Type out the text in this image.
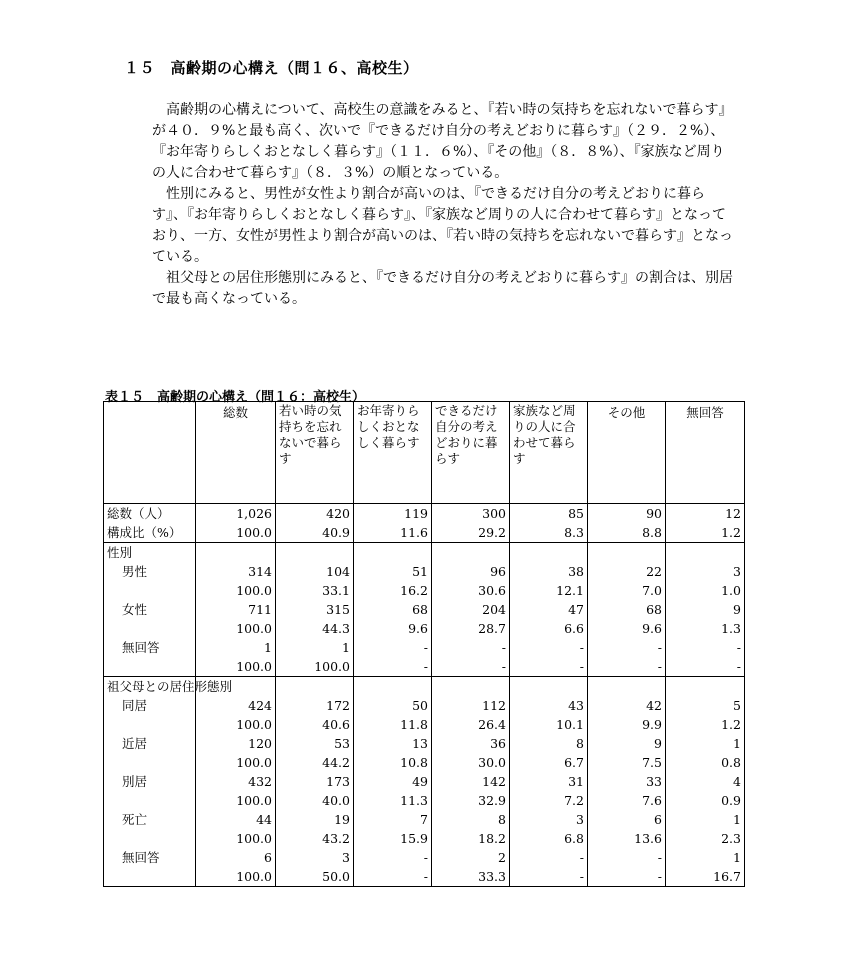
１５　高齢期の心構え（問１６、高校生）

高齢期の心構えについて、高校生の意識をみると、『若い時の気持ちを忘れないで暮らす』が４０．９%と最も高く、次いで『できるだけ自分の考えどおりに暮らす』（２９．２%）、『お年寄りらしくおとなしく暮らす』（１１．６%）、『その他』（８．８%）、『家族など周りの人に合わせて暮らす』（８．３%）の順となっている。

性別にみると、男性が女性より割合が高いのは、『できるだけ自分の考えどおりに暮らす』、『お年寄りらしくおとなしく暮らす』、『家族など周りの人に合わせて暮らす』となっており、一方、女性が男性より割合が高いのは、『若い時の気持ちを忘れないで暮らす』となっている。

祖父母との居住形態別にみると、『できるだけ自分の考えどおりに暮らす』の割合は、別居で最も高くなっている。

表１５　高齢期の心構え（問１６：高校生）
	総数	若い時の気持ちを忘れないで暮らす	お年寄りらしくおとなしく暮らす	できるだけ自分の考えどおりに暮らす	家族など周りの人に合わせて暮らす	その他	無回答
総数（人）	1,026	420	119	300	85	90	12
構成比（%）	100.0	40.9	11.6	29.2	8.3	8.8	1.2
性別							
男性	314	104	51	96	38	22	3
	100.0	33.1	16.2	30.6	12.1	7.0	1.0
女性	711	315	68	204	47	68	9
	100.0	44.3	9.6	28.7	6.6	9.6	1.3
無回答	1	1	-	-	-	-	-
	100.0	100.0	-	-	-	-	-
祖父母との居住形態別							
同居	424	172	50	112	43	42	5
	100.0	40.6	11.8	26.4	10.1	9.9	1.2
近居	120	53	13	36	8	9	1
	100.0	44.2	10.8	30.0	6.7	7.5	0.8
別居	432	173	49	142	31	33	4
	100.0	40.0	11.3	32.9	7.2	7.6	0.9
死亡	44	19	7	8	3	6	1
	100.0	43.2	15.9	18.2	6.8	13.6	2.3
無回答	6	3	-	2	-	-	1
	100.0	50.0	-	33.3	-	-	16.7
